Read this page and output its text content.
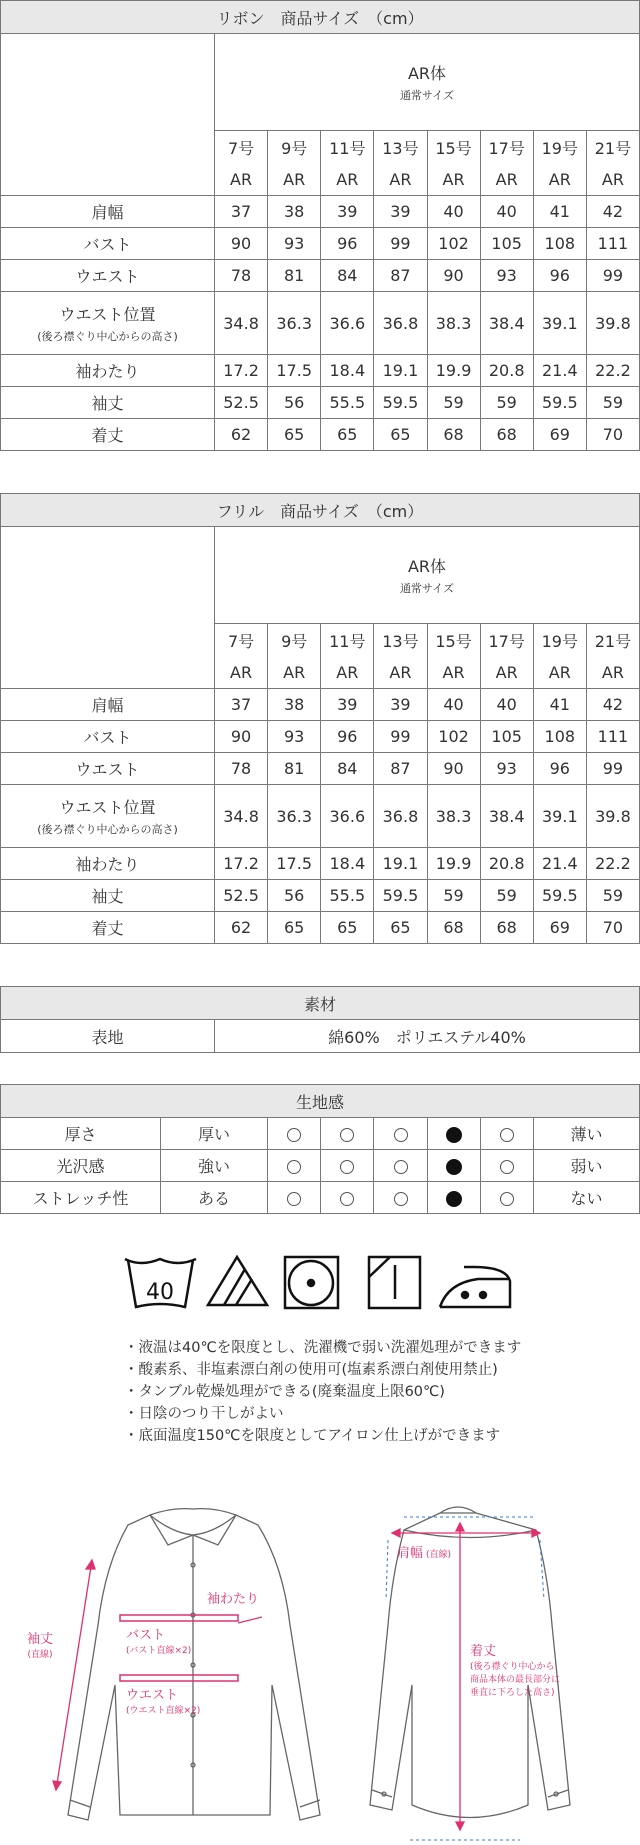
リボン　商品サイズ　（cm）								
	AR体
通常サイズ							

	7号	9号	11号	13号	15号	17号	19号	21号
	AR	AR	AR	AR	AR	AR	AR	AR
肩幅	37	38	39	39	40	40	41	42
バスト	90	93	96	99	102	105	108	111
ウエスト	78	81	84	87	90	93	96	99
ウエスト位置
(後ろ襟ぐり中心からの高さ)	34.8	36.3	36.6	36.8	38.3	38.4	39.1	39.8
袖わたり	17.2	17.5	18.4	19.1	19.9	20.8	21.4	22.2
袖丈	52.5	56	55.5	59.5	59	59	59.5	59
着丈	62	65	65	65	68	68	69	70
フリル　商品サイズ　（cm）								
	AR体
通常サイズ							

	7号	9号	11号	13号	15号	17号	19号	21号
	AR	AR	AR	AR	AR	AR	AR	AR
肩幅	37	38	39	39	40	40	41	42
バスト	90	93	96	99	102	105	108	111
ウエスト	78	81	84	87	90	93	96	99
ウエスト位置
(後ろ襟ぐり中心からの高さ)	34.8	36.3	36.6	36.8	38.3	38.4	39.1	39.8
袖わたり	17.2	17.5	18.4	19.1	19.9	20.8	21.4	22.2
袖丈	52.5	56	55.5	59.5	59	59	59.5	59
着丈	62	65	65	65	68	68	69	70
素材
表地	綿60%　ポリエステル40%
生地感							
厚さ	厚い						薄い
光沢感	強い						弱い
ストレッチ性	ある						ない
40
・液温は40℃を限度とし、洗濯機で弱い洗濯処理ができます
・酸素系、非塩素漂白剤の使用可(塩素系漂白剤使用禁止)
・タンブル乾燥処理ができる(廃棄温度上限60℃)
・日陰のつり干しがよい
・底面温度150℃を限度としてアイロン仕上げができます
袖丈
(直線)
袖わたり
バスト
(バスト直線×2)
ウエスト
(ウエスト直線×2)
肩幅 (直線)
着丈
(後ろ襟ぐり中心から
商品本体の最長部分に
垂直に下ろした高さ)
